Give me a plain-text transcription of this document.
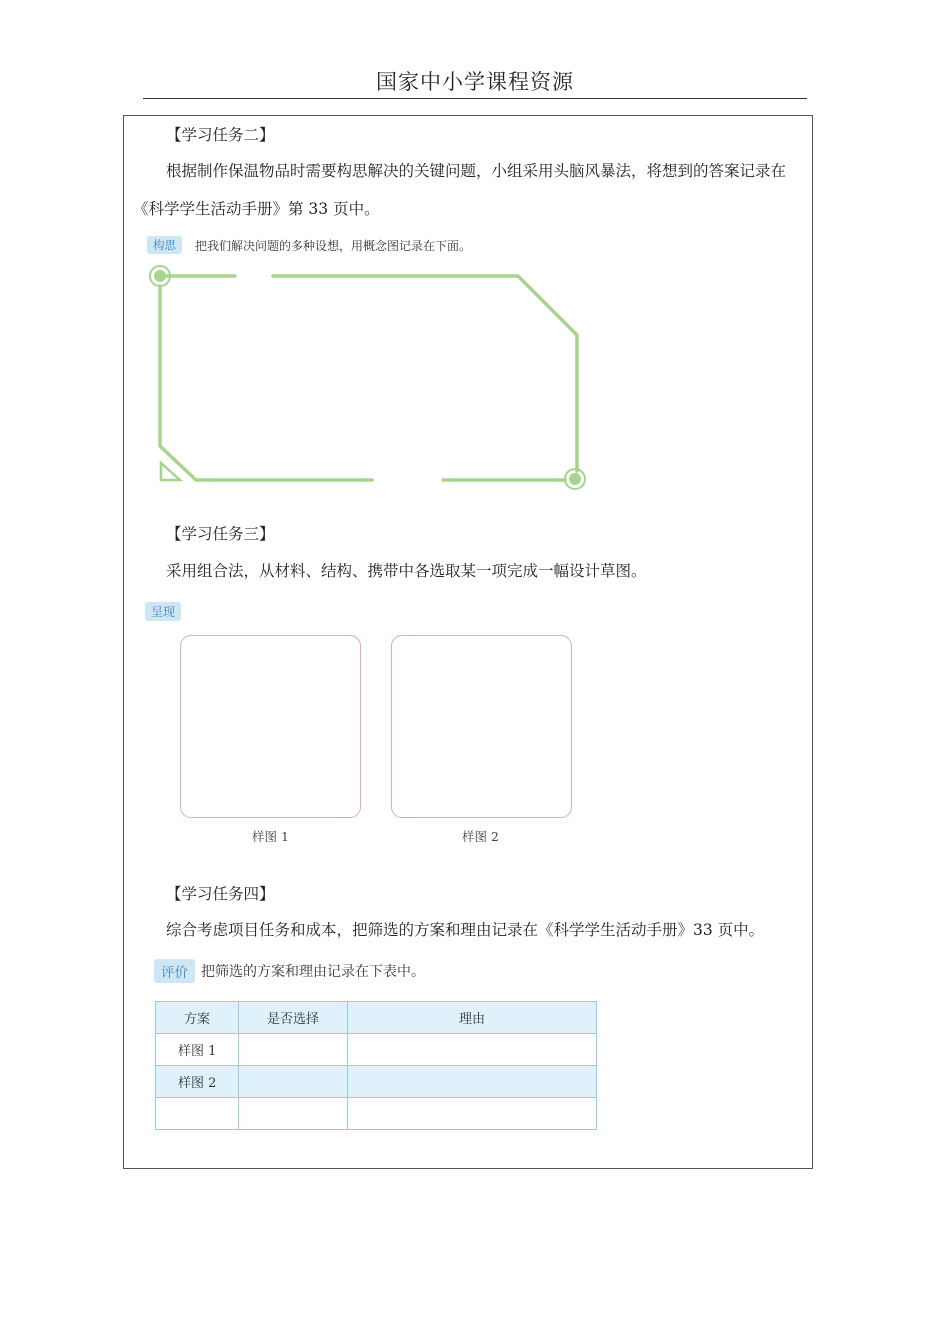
国家中小学课程资源
【学习任务二】
根据制作保温物品时需要构思解决的关键问题，小组采用头脑风暴法，将想到的答案记录在《科学学生活动手册》第 33 页中。
构思	把我们解决问题的多种设想，用概念图记录在下面。
【学习任务三】
采用组合法，从材料、结构、携带中各选取某一项完成一幅设计草图。
呈现
样图 1	样图 2
【学习任务四】
综合考虑项目任务和成本，把筛选的方案和理由记录在《科学学生活动手册》33 页中。
评价 把筛选的方案和理由记录在下表中。
方案	是否选择	理由
样图 1		
样图 2		
